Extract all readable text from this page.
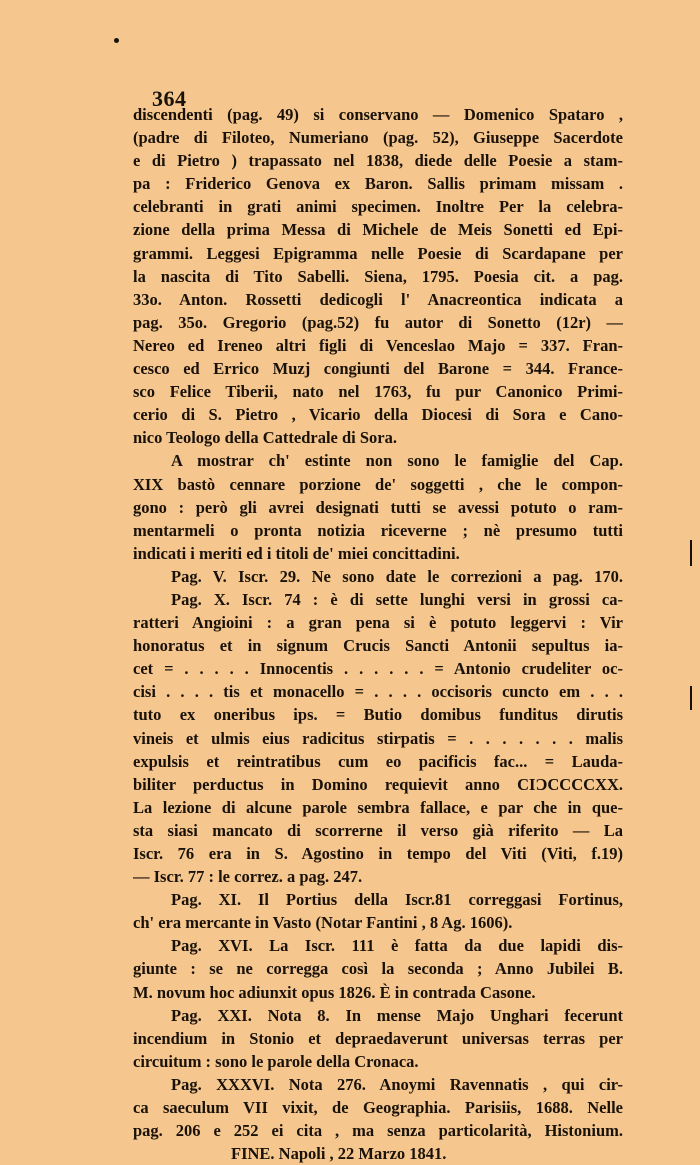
364
discendenti (pag. 49) si conservano — Domenico Spataro ,
(padre di Filoteo, Numeriano (pag. 52), Giuseppe Sacerdote
e di Pietro ) trapassato nel 1838, diede delle Poesie a stam-
pa : Friderico Genova ex Baron. Sallis primam missam .
celebranti in grati animi specimen. Inoltre Per la celebra-
zione della prima Messa di Michele de Meis Sonetti ed Epi-
grammi. Leggesi Epigramma nelle Poesie di Scardapane per
la nascita di Tito Sabelli. Siena, 1795. Poesia cit. a pag.
33o. Anton. Rossetti dedicogli l' Anacreontica indicata a
pag. 35o. Gregorio (pag.52) fu autor di Sonetto (12r) —
Nereo ed Ireneo altri figli di Venceslao Majo = 337. Fran-
cesco ed Errico Muzj congiunti del Barone = 344. France-
sco Felice Tiberii, nato nel 1763, fu pur Canonico Primi-
cerio di S. Pietro , Vicario della Diocesi di Sora e Cano-
nico Teologo della Cattedrale di Sora.
A mostrar ch' estinte non sono le famiglie del Cap.
XIX bastò cennare porzione de' soggetti , che le compon-
gono : però gli avrei designati tutti se avessi potuto o ram-
mentarmeli o pronta notizia riceverne ; nè presumo tutti
indicati i meriti ed i titoli de' miei concittadini.
Pag. V. Iscr. 29. Ne sono date le correzioni a pag. 170.
Pag. X. Iscr. 74 : è di sette lunghi versi in grossi ca-
ratteri Angioini : a gran pena si è potuto leggervi : Vir
honoratus et in signum Crucis Sancti Antonii sepultus ia-
cet = . . . . . Innocentis . . . . . . = Antonio crudeliter oc-
cisi . . . . tis et monacello = . . . . occisoris cuncto em . . .
tuto ex oneribus ips. = Butio domibus funditus dirutis
vineis et ulmis eius radicitus stirpatis = . . . . . . . malis
expulsis et reintratibus cum eo pacificis fac... = Lauda-
biliter perductus in Domino requievit anno CIƆCCCCXX.
La lezione di alcune parole sembra fallace, e par che in que-
sta siasi mancato di scorrerne il verso già riferito — La
Iscr. 76 era in S. Agostino in tempo del Viti (Viti, f.19)
— Iscr. 77 : le correz. a pag. 247.
Pag. XI. Il Portius della Iscr.81 correggasi Fortinus,
ch' era mercante in Vasto (Notar Fantini , 8 Ag. 1606).
Pag. XVI. La Iscr. 111 è fatta da due lapidi dis-
giunte : se ne corregga così la seconda ; Anno Jubilei B.
M. novum hoc adiunxit opus 1826. È in contrada Casone.
Pag. XXI. Nota 8. In mense Majo Unghari fecerunt
incendium in Stonio et depraedaverunt universas terras per
circuitum : sono le parole della Cronaca.
Pag. XXXVI. Nota 276. Anoymi Ravennatis , qui cir-
ca saeculum VII vixit, de Geographia. Parisiis, 1688. Nelle
pag. 206 e 252 ei cita , ma senza particolarità, Histonium.
FINE. Napoli , 22 Marzo 1841.
